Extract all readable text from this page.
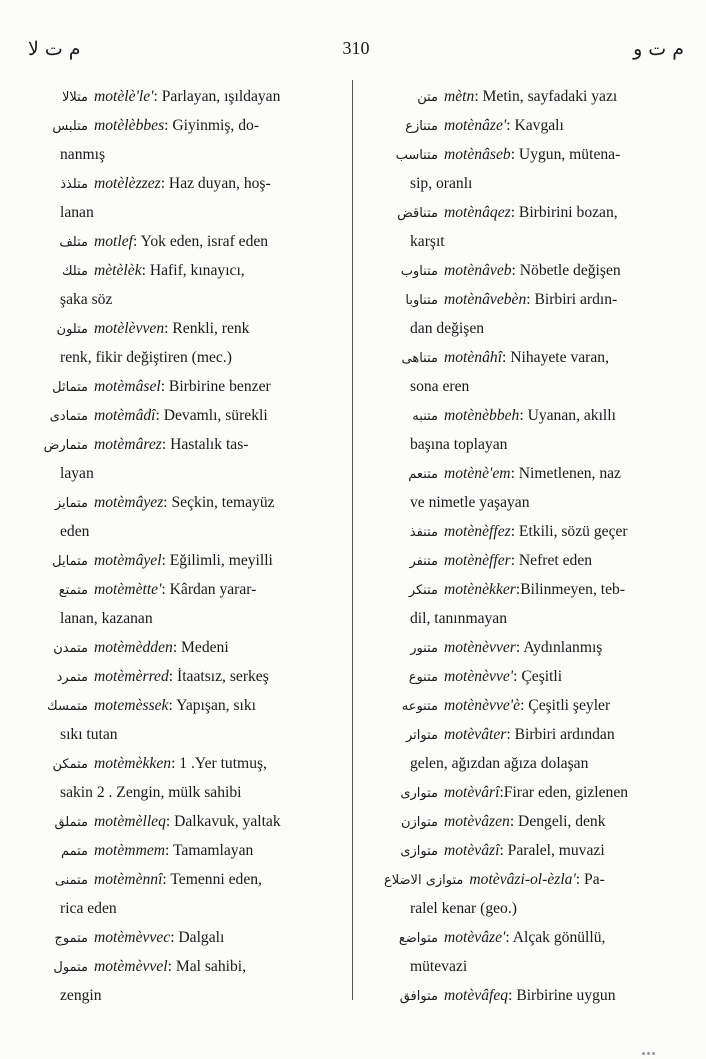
م ت لا	310	م ت و
متلالا motèlè'le': Parlayan, ışıldayan
متلبس motèlèbbes: Giyinmiş, do-
nanmış
متلذذ motèlèzzez: Haz duyan, hoş-
lanan
متلف motlef: Yok eden, israf eden
متلك mètèlèk: Hafif, kınayıcı,
şaka söz
متلون motèlèvven: Renkli, renk
renk, fikir değiştiren (mec.)
متماثل motèmâsel: Birbirine benzer
متمادى motèmâdî: Devamlı, sürekli
متمارض motèmârez: Hastalık tas-
layan
متمايز motèmâyez: Seçkin, temayüz
eden
متمايل motèmâyel: Eğilimli, meyilli
متمتع motèmètte': Kârdan yarar-
lanan, kazanan
متمدن motèmèdden: Medeni
متمرد motèmèrred: İtaatsız, serkeş
متمسك motemèssek: Yapışan, sıkı
sıkı tutan
متمكن motèmèkken: 1 .Yer tutmuş,
sakin 2 . Zengin, mülk sahibi
متملق motèmèlleq: Dalkavuk, yaltak
متمم motèmmem: Tamamlayan
متمنى motèmènnî: Temenni eden,
rica eden
متموج motèmèvvec: Dalgalı
متمول motèmèvvel: Mal sahibi,
zengin
متن mètn: Metin, sayfadaki yazı
متنازع motènâze': Kavgalı
متناسب motènâseb: Uygun, mütena-
sip, oranlı
متناقض motènâqez: Birbirini bozan,
karşıt
متناوب motènâveb: Nöbetle değişen
متناوبا motènâvebèn: Birbiri ardın-
dan değişen
متناهى motènâhî: Nihayete varan,
sona eren
متنبه motènèbbeh: Uyanan, akıllı
başına toplayan
متنعم motènè'em: Nimetlenen, naz
ve nimetle yaşayan
متنفذ motènèffez: Etkili, sözü geçer
متنفر motènèffer: Nefret eden
متنكر motènèkker:Bilinmeyen, teb-
dil, tanınmayan
متنور motènèvver: Aydınlanmış
متنوع motènèvve': Çeşitli
متنوعه motènèvve'è: Çeşitli şeyler
متواتر motèvâter: Birbiri ardından
gelen, ağızdan ağıza dolaşan
متوارى motèvârî:Firar eden, gizlenen
متوازن motèvâzen: Dengeli, denk
متوازى motèvâzî: Paralel, muvazi
متوازى الاضلاع motèvâzi-ol-èzla': Pa-
ralel kenar (geo.)
متواضع motèvâze': Alçak gönüllü,
mütevazi
متوافق motèvâfeq: Birbirine uygun
